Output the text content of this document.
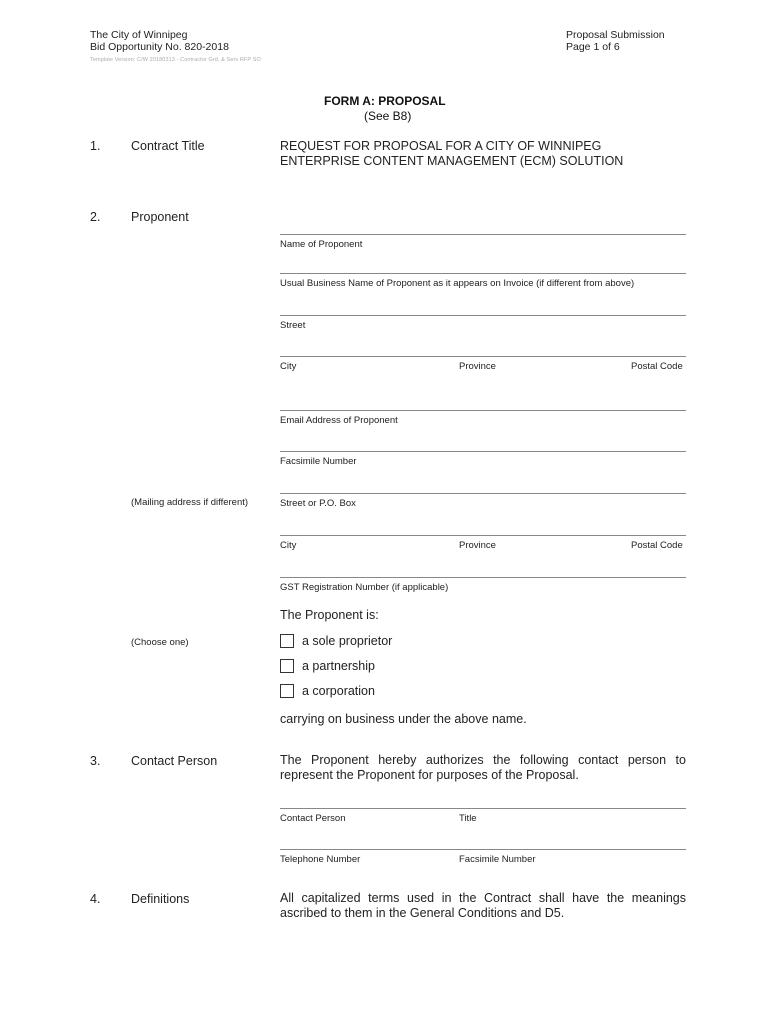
The City of Winnipeg
Bid Opportunity No. 820-2018
Template Version: C/W 20180313 - Contractor Grd. & Serv RFP SO
Proposal Submission
Page 1 of 6
FORM A: PROPOSAL
(See B8)
1. Contract Title	REQUEST FOR PROPOSAL FOR A CITY OF WINNIPEG
ENTERPRISE CONTENT MANAGEMENT (ECM) SOLUTION
2. Proponent
Name of Proponent
Usual Business Name of Proponent as it appears on Invoice (if different from above)
Street
City	Province	Postal Code
Email Address of Proponent
Facsimile Number
(Mailing address if different)	Street or P.O. Box
City	Province	Postal Code
GST Registration Number (if applicable)
The Proponent is:
(Choose one)	a sole proprietor
a partnership
a corporation
carrying on business under the above name.
3. Contact Person	The Proponent hereby authorizes the following contact person to represent the Proponent for purposes of the Proposal.
Contact Person	Title
Telephone Number	Facsimile Number
4. Definitions	All capitalized terms used in the Contract shall have the meanings ascribed to them in the General Conditions and D5.
